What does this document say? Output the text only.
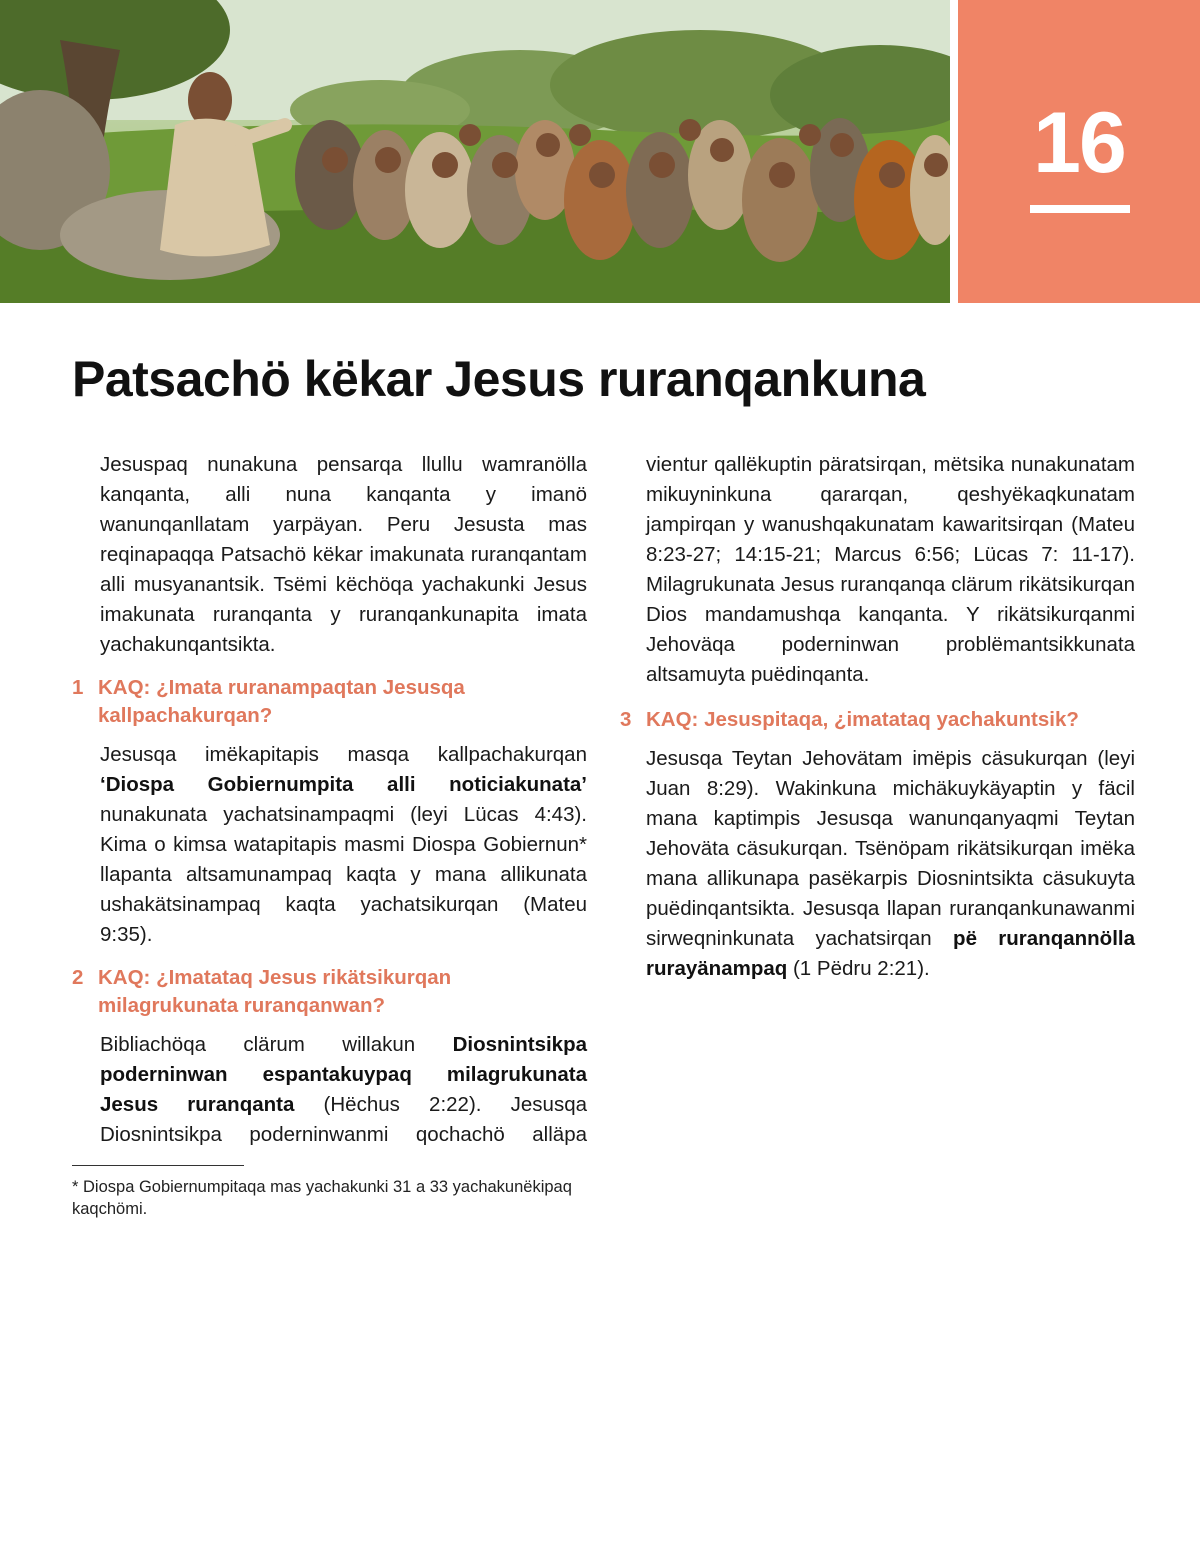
16
Patsachö këkar Jesus ruranqankuna

Jesuspaq nunakuna pensarqa llullu wamranölla kanqanta, alli nuna kanqanta y imanö wanunqanllatam yarpäyan. Peru Jesusta mas reqinapaqqa Patsachö këkar imakunata ruranqantam alli musyanantsik. Tsëmi këchöqa yachakunki Jesus imakunata ruranqanta y ruranqankunapita imata yachakunqantsikta.

1 KAQ: ¿Imata ruranampaqtan Jesusqa kallpachakurqan?

Jesusqa imëkapitapis masqa kallpachakurqan ‘Diospa Gobiernumpita alli noticiakunata’ nunakunata yachatsinampaqmi (leyi Lücas 4:43). Kima o kimsa watapitapis masmi Diospa Gobiernun* llapanta altsamunampaq kaqta y mana allikunata ushakätsinampaq kaqta yachatsikurqan (Mateu 9:35).

2 KAQ: ¿Imatataq Jesus rikätsikurqan milagrukunata ruranqanwan?

Bibliachöqa clärum willakun Diosnintsikpa poderninwan espantakuypaq milagrukunata Jesus ruranqanta (Hëchus 2:22). Jesusqa Diosnintsikpa poderninwanmi qochachö alläpa

* Diospa Gobiernumpitaqa mas yachakunki 31 a 33 yachakunëkipaq kaqchömi.

vientur qallëkuptin päratsirqan, mëtsika nunakunatam mikuyninkuna qararqan, qeshyëkaqkunatam jampirqan y wanushqakunatam kawaritsirqan (Mateu 8:23-27; 14:15-21; Marcus 6:56; Lücas 7: 11-17). Milagrukunata Jesus ruranqanqa clärum rikätsikurqan Dios mandamushqa kanqanta. Y rikätsikurqanmi Jehoväqa poderninwan problëmantsikkunata altsamuyta puëdinqanta.

3 KAQ: Jesuspitaqa, ¿imatataq yachakuntsik?

Jesusqa Teytan Jehovätam imëpis cäsukurqan (leyi Juan 8:29). Wakinkuna michäkuykäyaptin y fäcil mana kaptimpis Jesusqa wanunqanyaqmi Teytan Jehoväta cäsukurqan. Tsënöpam rikätsikurqan imëka mana allikunapa pasëkarpis Diosnintsikta cäsukuyta puëdinqantsikta. Jesusqa llapan ruranqankunawanmi sirweqninkunata yachatsirqan pë ruranqannölla rurayänampaq (1 Pëdru 2:21).
